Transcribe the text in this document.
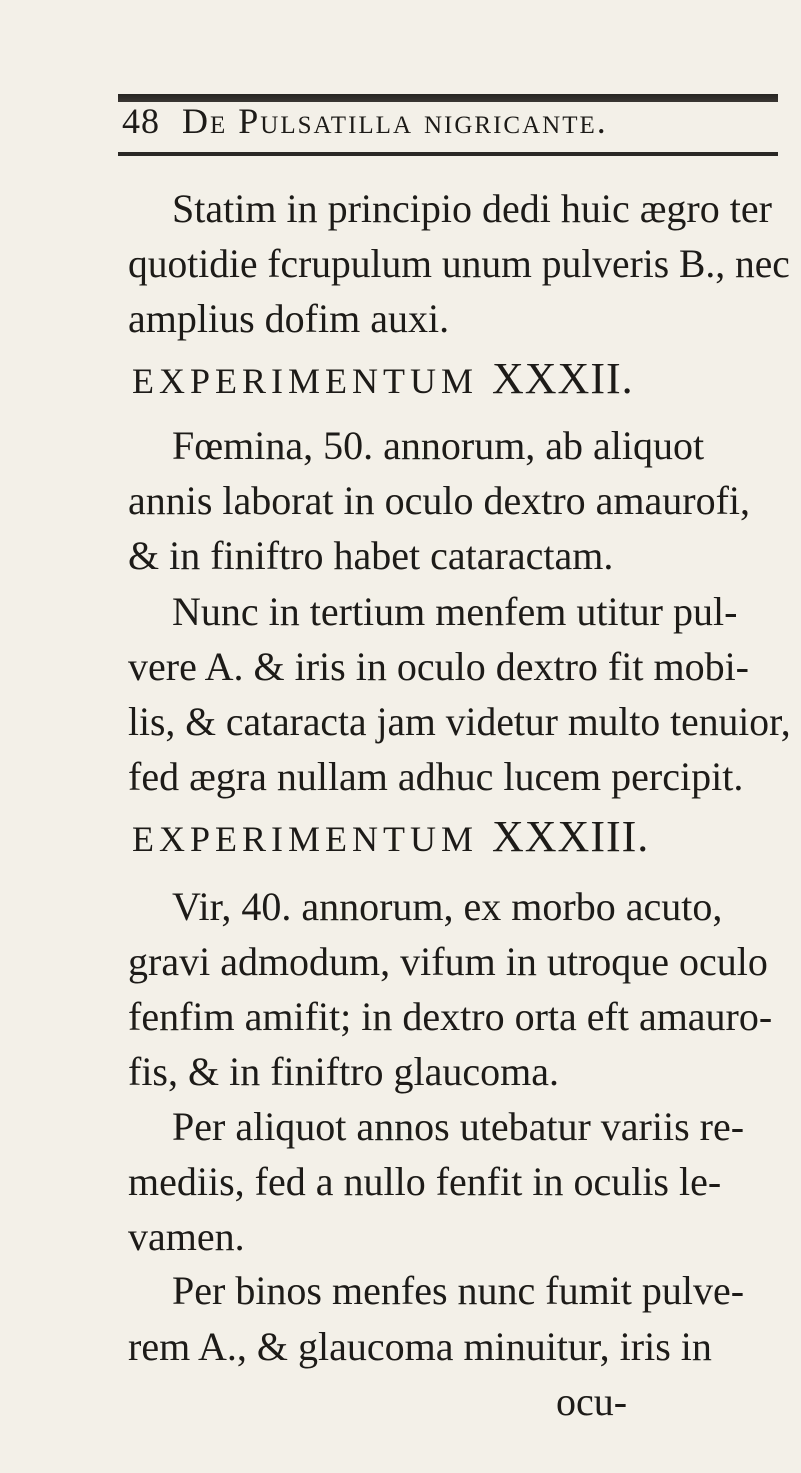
48 De Pulsatilla nigricante.
Statim in principio dedi huic ægro ter
quotidie fcrupulum unum pulveris B., nec
amplius dofim auxi.
EXPERIMENTUM XXXII.
Fœmina, 50. annorum, ab aliquot
annis laborat in oculo dextro amaurofi,
& in finiftro habet cataractam.
Nunc in tertium menfem utitur pul-
vere A. & iris in oculo dextro fit mobi-
lis, & cataracta jam videtur multo tenuior,
fed ægra nullam adhuc lucem percipit.
EXPERIMENTUM XXXIII.
Vir, 40. annorum, ex morbo acuto,
gravi admodum, vifum in utroque oculo
fenfim amifit; in dextro orta eft amauro-
fis, & in finiftro glaucoma.
Per aliquot annos utebatur variis re-
mediis, fed a nullo fenfit in oculis le-
vamen.
Per binos menfes nunc fumit pulve-
rem A., & glaucoma minuitur, iris in
ocu-
